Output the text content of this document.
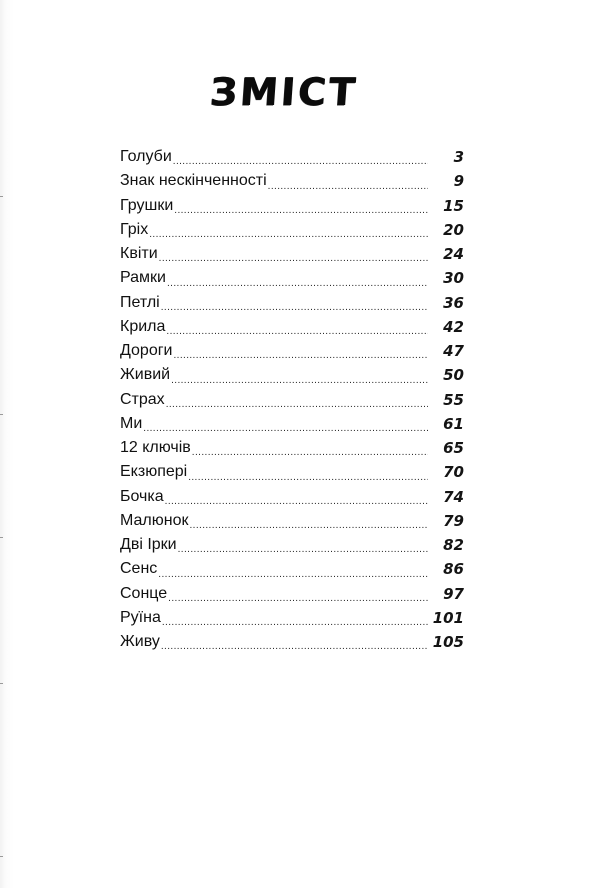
ЗМІСТ
Голуби .....	3
Знак нескінченності .....	9
Грушки .....	15
Гріх .....	20
Квіти .....	24
Рамки .....	30
Петлі .....	36
Крила .....	42
Дороги .....	47
Живий .....	50
Страх .....	55
Ми .....	61
12 ключів .....	65
Екзюпері .....	70
Бочка .....	74
Малюнок .....	79
Дві Ірки .....	82
Сенс .....	86
Сонце .....	97
Руїна .....	101
Живу .....	105
